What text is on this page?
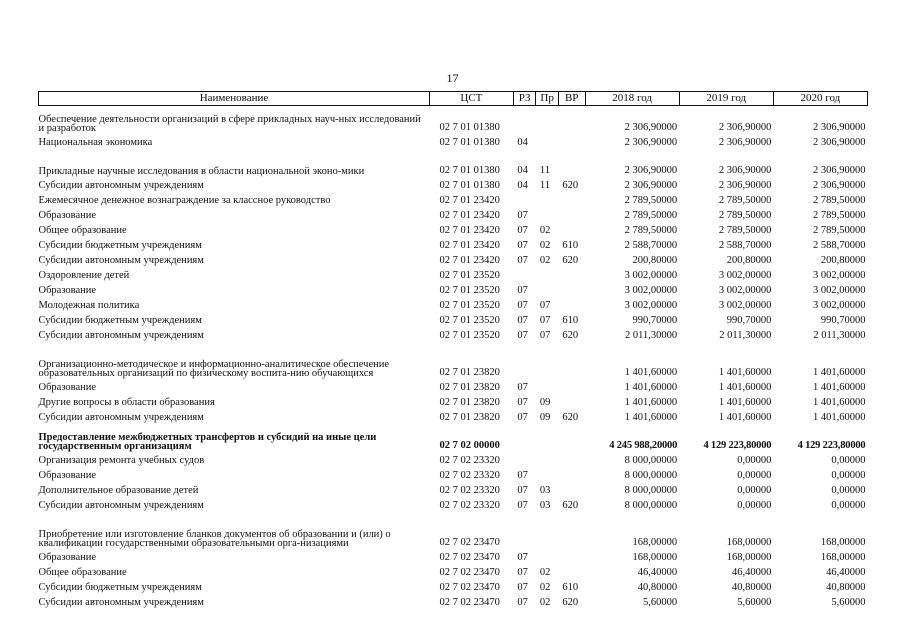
17
Наименование	ЦСТ	РЗ	Пр	ВР	2018 год	2019 год	2020 год
Обеспечение деятельности организаций в сфере прикладных науч-ных исследований и разработок	02 7 01 01380				2 306,90000	2 306,90000	2 306,90000
Национальная экономика	02 7 01 01380	04			2 306,90000	2 306,90000	2 306,90000
Прикладные научные исследования в области национальной эконо-мики	02 7 01 01380	04	11		2 306,90000	2 306,90000	2 306,90000
Субсидии автономным учреждениям	02 7 01 01380	04	11	620	2 306,90000	2 306,90000	2 306,90000
Ежемесячное денежное вознаграждение за классное руководство	02 7 01 23420				2 789,50000	2 789,50000	2 789,50000
Образование	02 7 01 23420	07			2 789,50000	2 789,50000	2 789,50000
Общее образование	02 7 01 23420	07	02		2 789,50000	2 789,50000	2 789,50000
Субсидии бюджетным учреждениям	02 7 01 23420	07	02	610	2 588,70000	2 588,70000	2 588,70000
Субсидии автономным учреждениям	02 7 01 23420	07	02	620	200,80000	200,80000	200,80000
Оздоровление детей	02 7 01 23520				3 002,00000	3 002,00000	3 002,00000
Образование	02 7 01 23520	07			3 002,00000	3 002,00000	3 002,00000
Молодежная политика	02 7 01 23520	07	07		3 002,00000	3 002,00000	3 002,00000
Субсидии бюджетным учреждениям	02 7 01 23520	07	07	610	990,70000	990,70000	990,70000
Субсидии автономным учреждениям	02 7 01 23520	07	07	620	2 011,30000	2 011,30000	2 011,30000
Организационно-методическое и информационно-аналитическое обеспечение образовательных организаций по физическому воспита-нию обучающихся	02 7 01 23820				1 401,60000	1 401,60000	1 401,60000
Образование	02 7 01 23820	07			1 401,60000	1 401,60000	1 401,60000
Другие вопросы в области образования	02 7 01 23820	07	09		1 401,60000	1 401,60000	1 401,60000
Субсидии автономным учреждениям	02 7 01 23820	07	09	620	1 401,60000	1 401,60000	1 401,60000
Предоставление межбюджетных трансфертов и субсидий на иные цели государственным организациям	02 7 02 00000				4 245 988,20000	4 129 223,80000	4 129 223,80000
Организация ремонта учебных судов	02 7 02 23320				8 000,00000	0,00000	0,00000
Образование	02 7 02 23320	07			8 000,00000	0,00000	0,00000
Дополнительное образование детей	02 7 02 23320	07	03		8 000,00000	0,00000	0,00000
Субсидии автономным учреждениям	02 7 02 23320	07	03	620	8 000,00000	0,00000	0,00000
Приобретение или изготовление бланков документов об образовании и (или) о квалификации государственными образовательными орга-низациями	02 7 02 23470				168,00000	168,00000	168,00000
Образование	02 7 02 23470	07			168,00000	168,00000	168,00000
Общее образование	02 7 02 23470	07	02		46,40000	46,40000	46,40000
Субсидии бюджетным учреждениям	02 7 02 23470	07	02	610	40,80000	40,80000	40,80000
Субсидии автономным учреждениям	02 7 02 23470	07	02	620	5,60000	5,60000	5,60000
